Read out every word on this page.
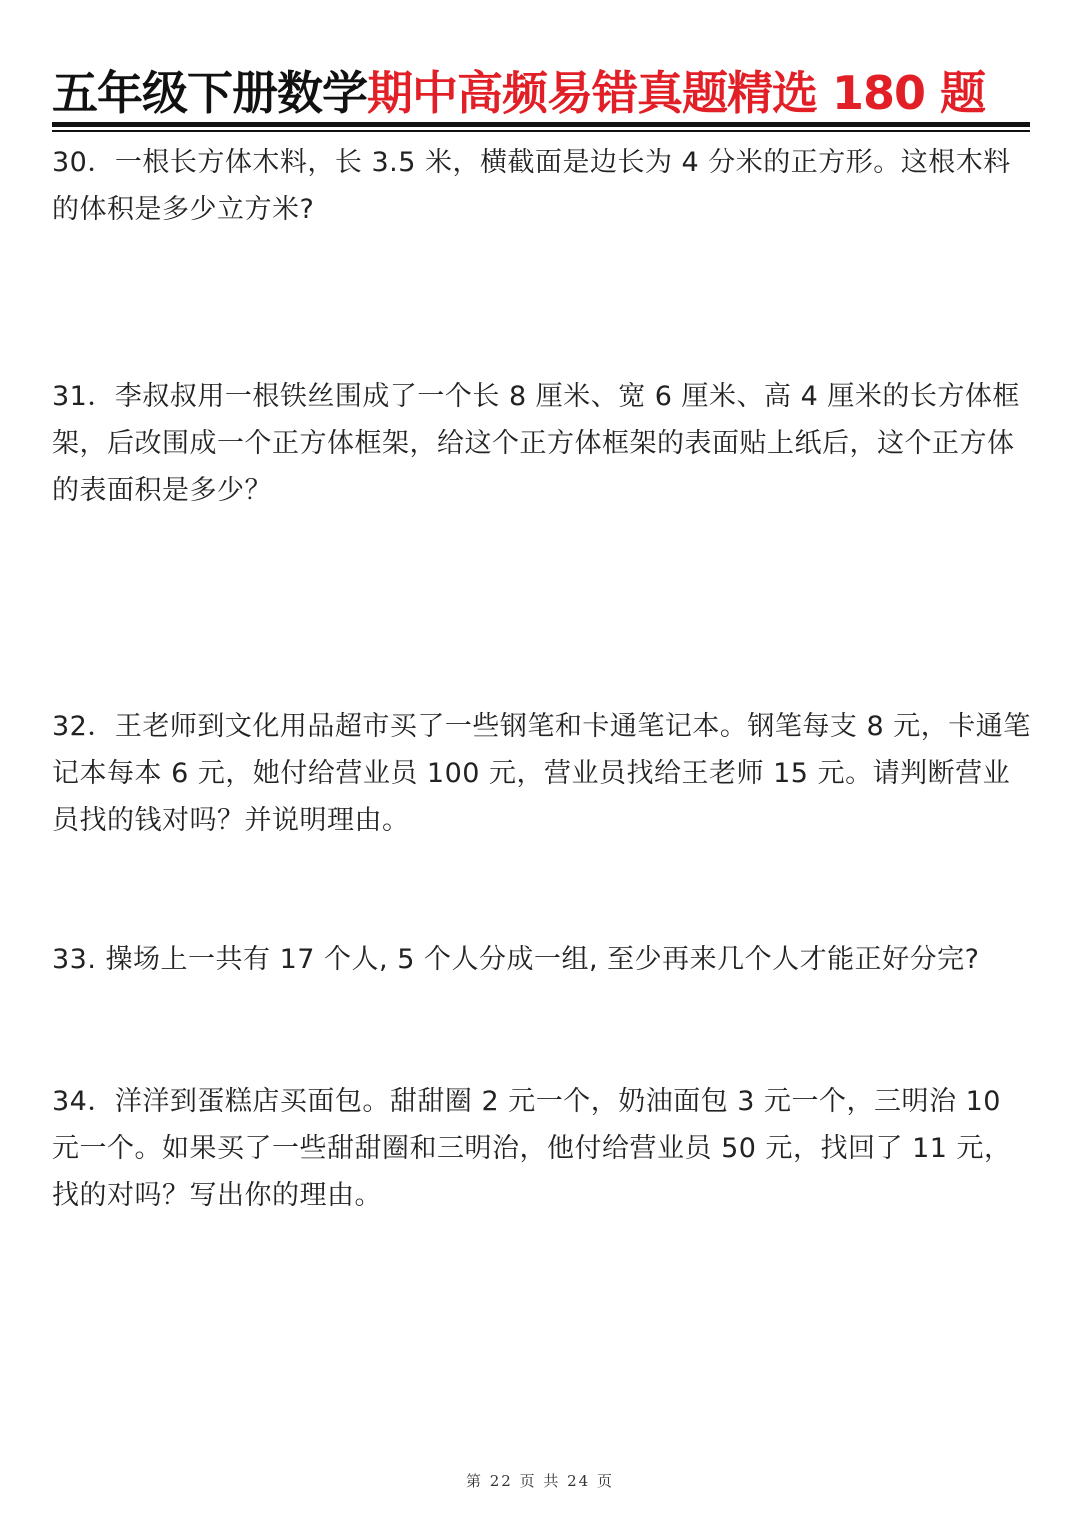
五年级下册数学期中高频易错真题精选 180 题
30．一根长方体木料，长 3.5 米，横截面是边长为 4 分米的正方形。这根木料的体积是多少立方米?
31．李叔叔用一根铁丝围成了一个长 8 厘米、宽 6 厘米、高 4 厘米的长方体框架，后改围成一个正方体框架，给这个正方体框架的表面贴上纸后，这个正方体的表面积是多少？
32．王老师到文化用品超市买了一些钢笔和卡通笔记本。钢笔每支 8 元，卡通笔记本每本 6 元，她付给营业员 100 元，营业员找给王老师 15 元。请判断营业员找的钱对吗？并说明理由。
33. 操场上一共有 17 个人, 5 个人分成一组, 至少再来几个人才能正好分完?
34．洋洋到蛋糕店买面包。甜甜圈 2 元一个，奶油面包 3 元一个，三明治 10 元一个。如果买了一些甜甜圈和三明治，他付给营业员 50 元，找回了 11 元，找的对吗？写出你的理由。
第 22 页 共 24 页
